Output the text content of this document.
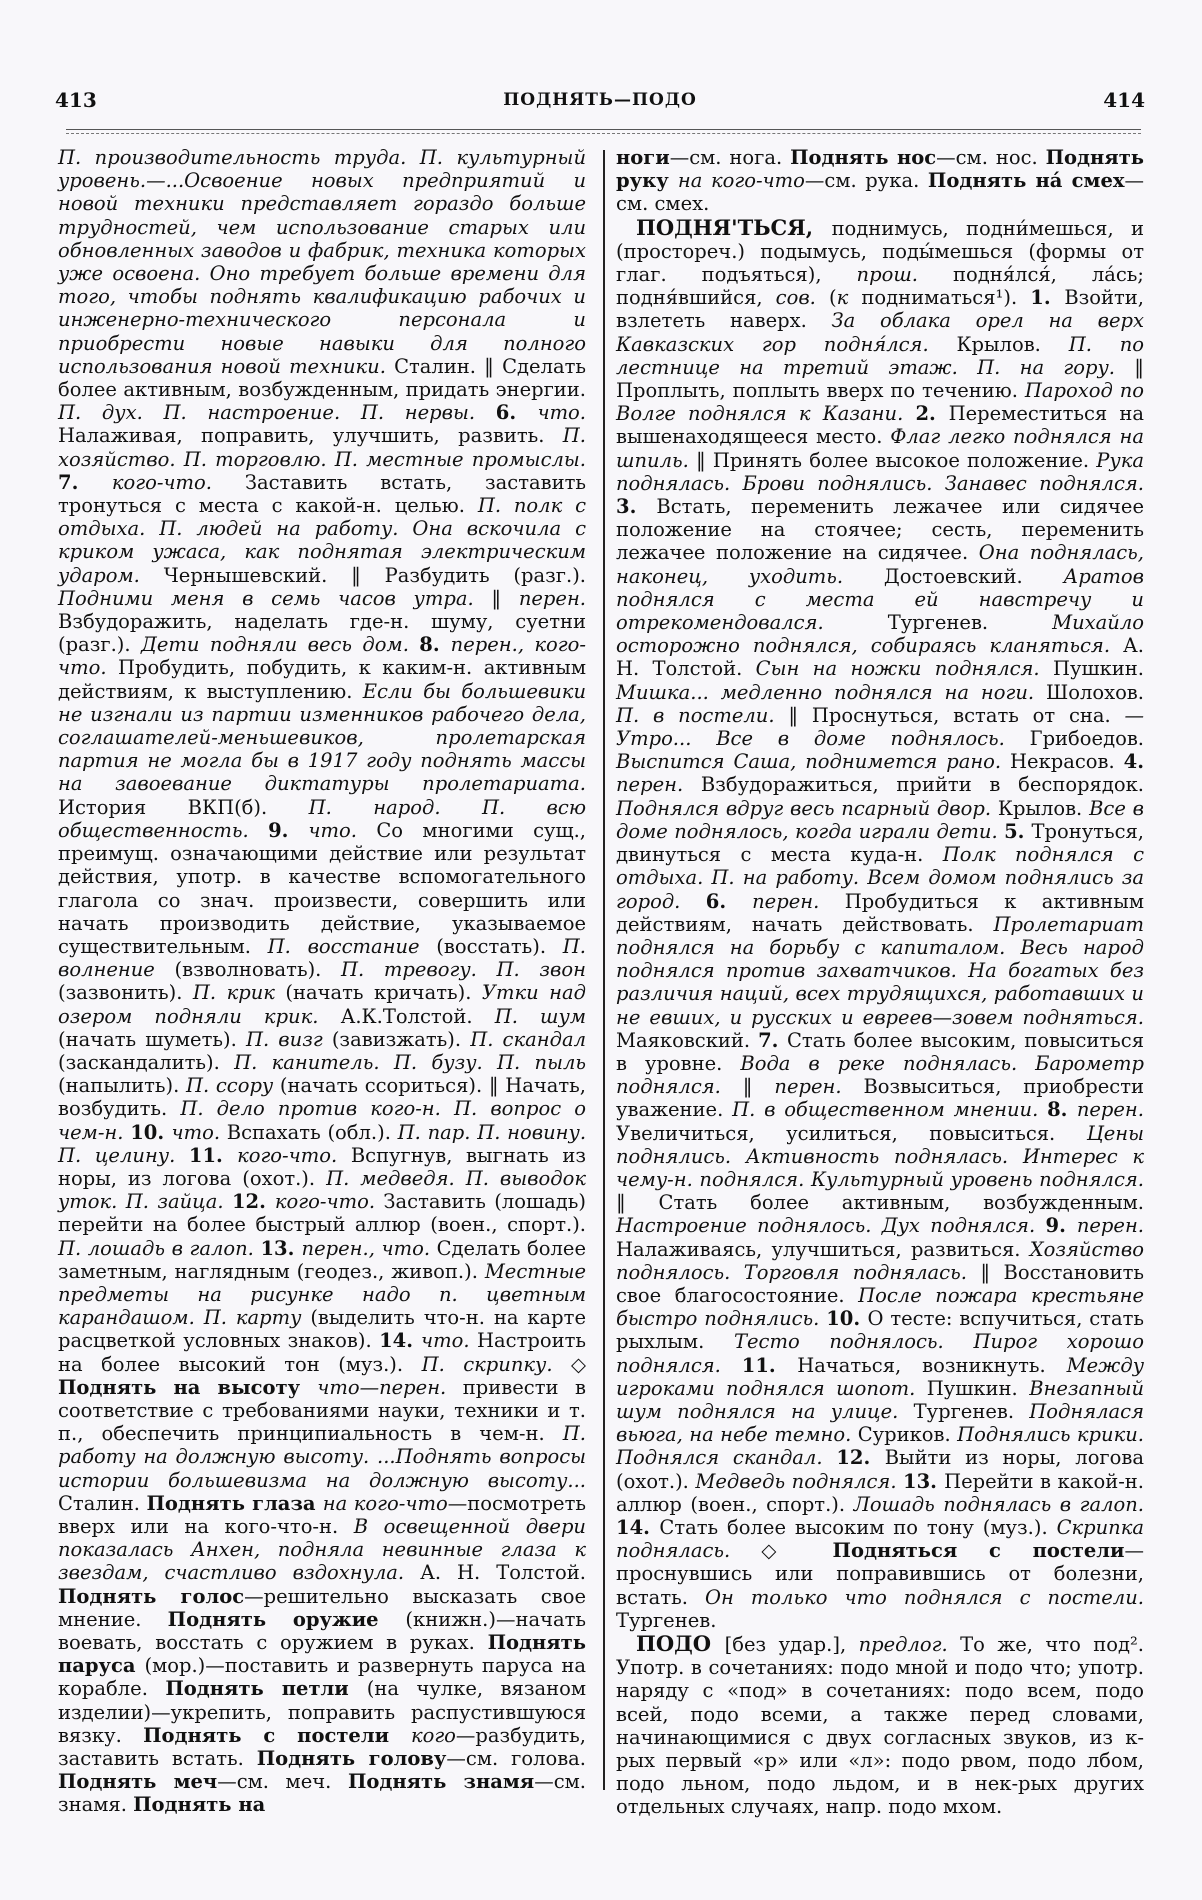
413	ПОДНЯТЬ—ПОДО	414

П. производительность труда. П. культурный уровень.—...Освоение новых предприятий и новой техники представляет гораздо больше трудностей, чем использование старых или обновленных заводов и фабрик, техника которых уже освоена. Оно требует больше времени для того, чтобы поднять квалификацию рабочих и инженерно-технического персонала и приобрести новые навыки для полного использования новой техники. Сталин. ‖ Сделать более активным, возбужденным, придать энергии. П. дух. П. настроение. П. нервы. 6. что. Налаживая, поправить, улучшить, развить. П. хозяйство. П. торговлю. П. местные промыслы. 7. кого-что. Заставить встать, заставить тронуться с места с какой-н. целью. П. полк с отдыха. П. людей на работу. Она вскочила с криком ужаса, как поднятая электрическим ударом. Чернышевский. ‖ Разбудить (разг.). Подними меня в семь часов утра. ‖ перен. Взбудоражить, наделать где-н. шуму, суетни (разг.). Дети подняли весь дом. 8. перен., кого-что. Пробудить, побудить, к каким-н. активным действиям, к выступлению. Если бы большевики не изгнали из партии изменников рабочего дела, соглашателей-меньшевиков, пролетарская партия не могла бы в 1917 году поднять массы на завоевание диктатуры пролетариата. История ВКП(б). П. народ. П. всю общественность. 9. что. Со многими сущ., преимущ. означающими действие или результат действия, употр. в качестве вспомогательного глагола со знач. произвести, совершить или начать производить действие, указываемое существительным. П. восстание (восстать). П. волнение (взволновать). П. тревогу. П. звон (зазвонить). П. крик (начать кричать). Утки над озером подняли крик. А.К.Толстой. П. шум (начать шуметь). П. визг (завизжать). П. скандал (заскандалить). П. канитель. П. бузу. П. пыль (напылить). П. ссору (начать ссориться). ‖ Начать, возбудить. П. дело против кого-н. П. вопрос о чем-н. 10. что. Вспахать (обл.). П. пар. П. новину. П. целину. 11. кого-что. Вспугнув, выгнать из норы, из логова (охот.). П. медведя. П. выводок уток. П. зайца. 12. кого-что. Заставить (лошадь) перейти на более быстрый аллюр (воен., спорт.). П. лошадь в галоп. 13. перен., что. Сделать более заметным, наглядным (геодез., живоп.). Местные предметы на рисунке надо п. цветным карандашом. П. карту (выделить что-н. на карте расцветкой условных знаков). 14. что. Настроить на более высокий тон (муз.). П. скрипку. ◇ Поднять на высоту что—перен. привести в соответствие с требованиями науки, техники и т. п., обеспечить принципиальность в чем-н. П. работу на должную высоту. ...Поднять вопросы истории большевизма на должную высоту... Сталин. Поднять глаза на кого-что—посмотреть вверх или на кого-что-н. В освещенной двери показалась Анхен, подняла невинные глаза к звездам, счастливо вздохнула. А. Н. Толстой. Поднять голос—решительно высказать свое мнение. Поднять оружие (книжн.)—начать воевать, восстать с оружием в руках. Поднять паруса (мор.)—поставить и развернуть паруса на корабле. Поднять петли (на чулке, вязаном изделии)—укрепить, поправить распустившуюся вязку. Поднять с постели кого—разбудить, заставить встать. Поднять голову—см. голова. Поднять меч—см. меч. Поднять знамя—см. знамя. Поднять на

ноги—см. нога. Поднять нос—см. нос. Поднять руку на кого-что—см. рука. Поднять на́ смех—см. смех.

ПОДНЯ'ТЬСЯ, поднимусь, подни́мешься, и (простореч.) подымусь, поды́мешься (формы от глаг. подъяться), прош. подня́лся́, ла́сь; подня́вшийся, сов. (к подниматься¹). 1. Взойти, взлететь наверх. За облака орел на верх Кавказских гор подня́лся. Крылов. П. по лестнице на третий этаж. П. на гору. ‖ Проплыть, поплыть вверх по течению. Пароход по Волге поднялся к Казани. 2. Переместиться на вышенаходящееся место. Флаг легко поднялся на шпиль. ‖ Принять более высокое положение. Рука поднялась. Брови поднялись. Занавес поднялся. 3. Встать, переменить лежачее или сидячее положение на стоячее; сесть, переменить лежачее положение на сидячее. Она поднялась, наконец, уходить. Достоевский. Аратов поднялся с места ей навстречу и отрекомендовался. Тургенев. Михайло осторожно поднялся, собираясь кланяться. А. Н. Толстой. Сын на ножки поднялся. Пушкин. Мишка... медленно поднялся на ноги. Шолохов. П. в постели. ‖ Проснуться, встать от сна. —Утро... Все в доме поднялось. Грибоедов. Выспится Саша, поднимется рано. Некрасов. 4. перен. Взбудоражиться, прийти в беспорядок. Поднялся вдруг весь псарный двор. Крылов. Все в доме поднялось, когда играли дети. 5. Тронуться, двинуться с места куда-н. Полк поднялся с отдыха. П. на работу. Всем домом поднялись за город. 6. перен. Пробудиться к активным действиям, начать действовать. Пролетариат поднялся на борьбу с капиталом. Весь народ поднялся против захватчиков. На богатых без различия наций, всех трудящихся, работавших и не евших, и русских и евреев—зовем подняться. Маяковский. 7. Стать более высоким, повыситься в уровне. Вода в реке поднялась. Барометр поднялся. ‖ перен. Возвыситься, приобрести уважение. П. в общественном мнении. 8. перен. Увеличиться, усилиться, повыситься. Цены поднялись. Активность поднялась. Интерес к чему-н. поднялся. Культурный уровень поднялся. ‖ Стать более активным, возбужденным. Настроение поднялось. Дух поднялся. 9. перен. Налаживаясь, улучшиться, развиться. Хозяйство поднялось. Торговля поднялась. ‖ Восстановить свое благосостояние. После пожара крестьяне быстро поднялись. 10. О тесте: вспучиться, стать рыхлым. Тесто поднялось. Пирог хорошо поднялся. 11. Начаться, возникнуть. Между игроками поднялся шопот. Пушкин. Внезапный шум поднялся на улице. Тургенев. Поднялася вьюга, на небе темно. Суриков. Поднялись крики. Поднялся скандал. 12. Выйти из норы, логова (охот.). Медведь поднялся. 13. Перейти в какой-н. аллюр (воен., спорт.). Лошадь поднялась в галоп. 14. Стать более высоким по тону (муз.). Скрипка поднялась. ◇ Подняться с постели—проснувшись или поправившись от болезни, встать. Он только что поднялся с постели. Тургенев.

ПОДО [без удар.], предлог. То же, что под². Употр. в сочетаниях: подо мной и подо что; употр. наряду с «под» в сочетаниях: подо всем, подо всей, подо всеми, а также перед словами, начинающимися с двух согласных звуков, из к-рых первый «р» или «л»: подо рвом, подо лбом, подо льном, подо льдом, и в нек-рых других отдельных случаях, напр. подо мхом.
